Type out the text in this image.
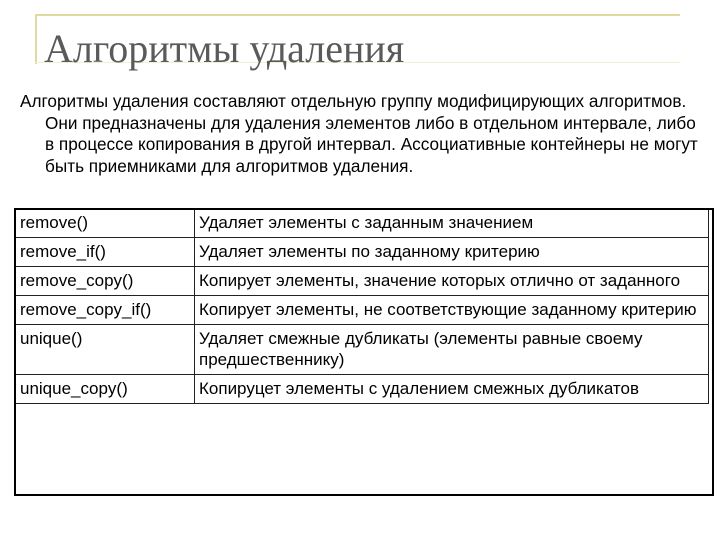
Алгоритмы удаления

Алгоритмы удаления составляют отдельную группу модифицирующих алгоритмов. Они предназначены для удаления элементов либо в отдельном интервале, либо в процессе копирования в другой интервал. Ассоциативные контейнеры не могут быть приемниками для алгоритмов удаления.

remove()	Удаляет элементы с заданным значением
remove_if()	Удаляет элементы по заданному критерию
remove_copy()	Копирует элементы, значение которых отлично от заданного
remove_copy_if()	Копирует элементы, не соответствующие заданному критерию
unique()	Удаляет смежные дубликаты (элементы равные своему предшественнику)
unique_copy()	Копируцет элементы с удалением смежных дубликатов
